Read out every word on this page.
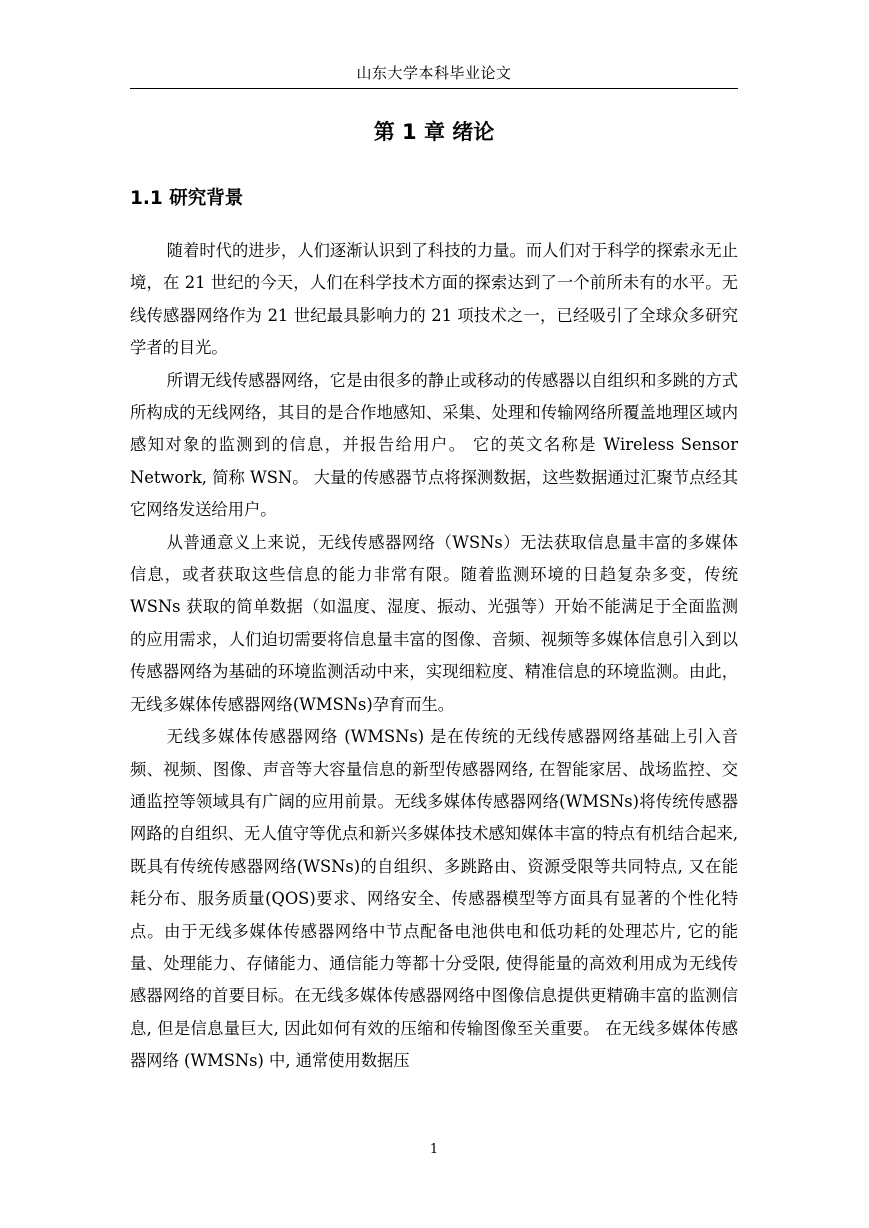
山东大学本科毕业论文
第 1 章 绪论
1.1 研究背景

随着时代的进步，人们逐渐认识到了科技的力量。而人们对于科学的探索永无止境，在 21 世纪的今天，人们在科学技术方面的探索达到了一个前所未有的水平。无线传感器网络作为 21 世纪最具影响力的 21 项技术之一，已经吸引了全球众多研究学者的目光。

所谓无线传感器网络，它是由很多的静止或移动的传感器以自组织和多跳的方式所构成的无线网络，其目的是合作地感知、采集、处理和传输网络所覆盖地理区域内感知对象的监测到的信息，并报告给用户。 它的英文名称是 Wireless Sensor Network, 简称 WSN。 大量的传感器节点将探测数据，这些数据通过汇聚节点经其它网络发送给用户。

从普通意义上来说，无线传感器网络（WSNs）无法获取信息量丰富的多媒体信息，或者获取这些信息的能力非常有限。随着监测环境的日趋复杂多变，传统 WSNs 获取的简单数据（如温度、湿度、振动、光强等）开始不能满足于全面监测的应用需求，人们迫切需要将信息量丰富的图像、音频、视频等多媒体信息引入到以传感器网络为基础的环境监测活动中来，实现细粒度、精准信息的环境监测。由此，无线多媒体传感器网络(WMSNs)孕育而生。

无线多媒体传感器网络 (WMSNs) 是在传统的无线传感器网络基础上引入音频、视频、图像、声音等大容量信息的新型传感器网络, 在智能家居、战场监控、交通监控等领域具有广阔的应用前景。无线多媒体传感器网络(WMSNs)将传统传感器网路的自组织、无人值守等优点和新兴多媒体技术感知媒体丰富的特点有机结合起来, 既具有传统传感器网络(WSNs)的自组织、多跳路由、资源受限等共同特点, 又在能耗分布、服务质量(QOS)要求、网络安全、传感器模型等方面具有显著的个性化特点。由于无线多媒体传感器网络中节点配备电池供电和低功耗的处理芯片, 它的能量、处理能力、存储能力、通信能力等都十分受限, 使得能量的高效利用成为无线传感器网络的首要目标。在无线多媒体传感器网络中图像信息提供更精确丰富的监测信息, 但是信息量巨大, 因此如何有效的压缩和传输图像至关重要。 在无线多媒体传感器网络 (WMSNs) 中, 通常使用数据压

1
